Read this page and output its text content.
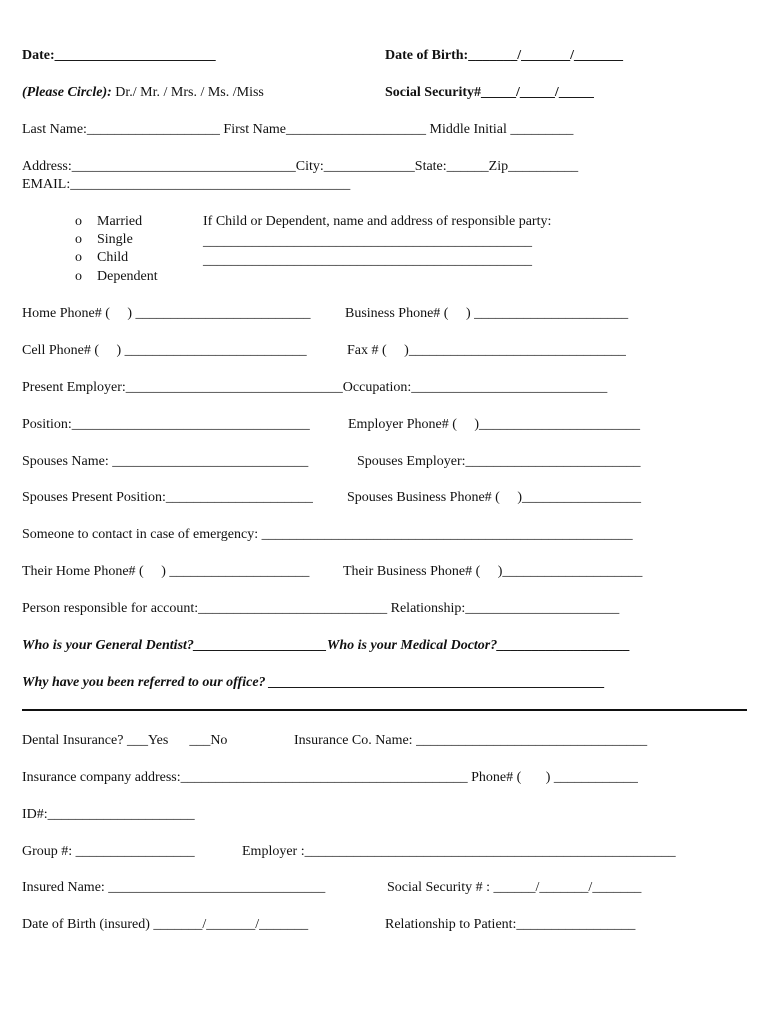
Date:_______________________	Date of Birth:_______/_______/_______
(Please Circle): Dr./ Mr. / Mrs. / Ms. /Miss	Social Security#_____/_____/_____
Last Name:___________________ First Name____________________ Middle Initial _________
Address:________________________________City:_____________State:______Zip__________
EMAIL:________________________________________
o Married
o Single
o Child
o Dependent
If Child or Dependent, name and address of responsible party:
_______________________________________________
_______________________________________________
Home Phone# (     ) _________________________ Business Phone# (     ) ______________________
Cell Phone# (     ) __________________________	Fax # (     )_______________________________
Present Employer:_______________________________Occupation:____________________________
Position:__________________________________	Employer Phone# (     )_______________________
Spouses Name: ____________________________	Spouses Employer:_________________________
Spouses Present Position:_____________________ Spouses Business Phone# (     )_________________
Someone to contact in case of emergency: _____________________________________________________
Their Home Phone# (     ) ____________________ Their Business Phone# (     )____________________
Person responsible for account:___________________________ Relationship:______________________
Who is your General Dentist?___________________Who is your Medical Doctor?___________________
Why have you been referred to our office? ________________________________________________
Dental Insurance? ___Yes      ___No	Insurance Co. Name: _________________________________
Insurance company address:_________________________________________ Phone# (       ) ____________
ID#:_____________________
Group #: _________________	Employer :_____________________________________________________
Insured Name: _______________________________	Social Security # : ______/_______/_______
Date of Birth (insured) _______/_______/_______	Relationship to Patient:_________________
